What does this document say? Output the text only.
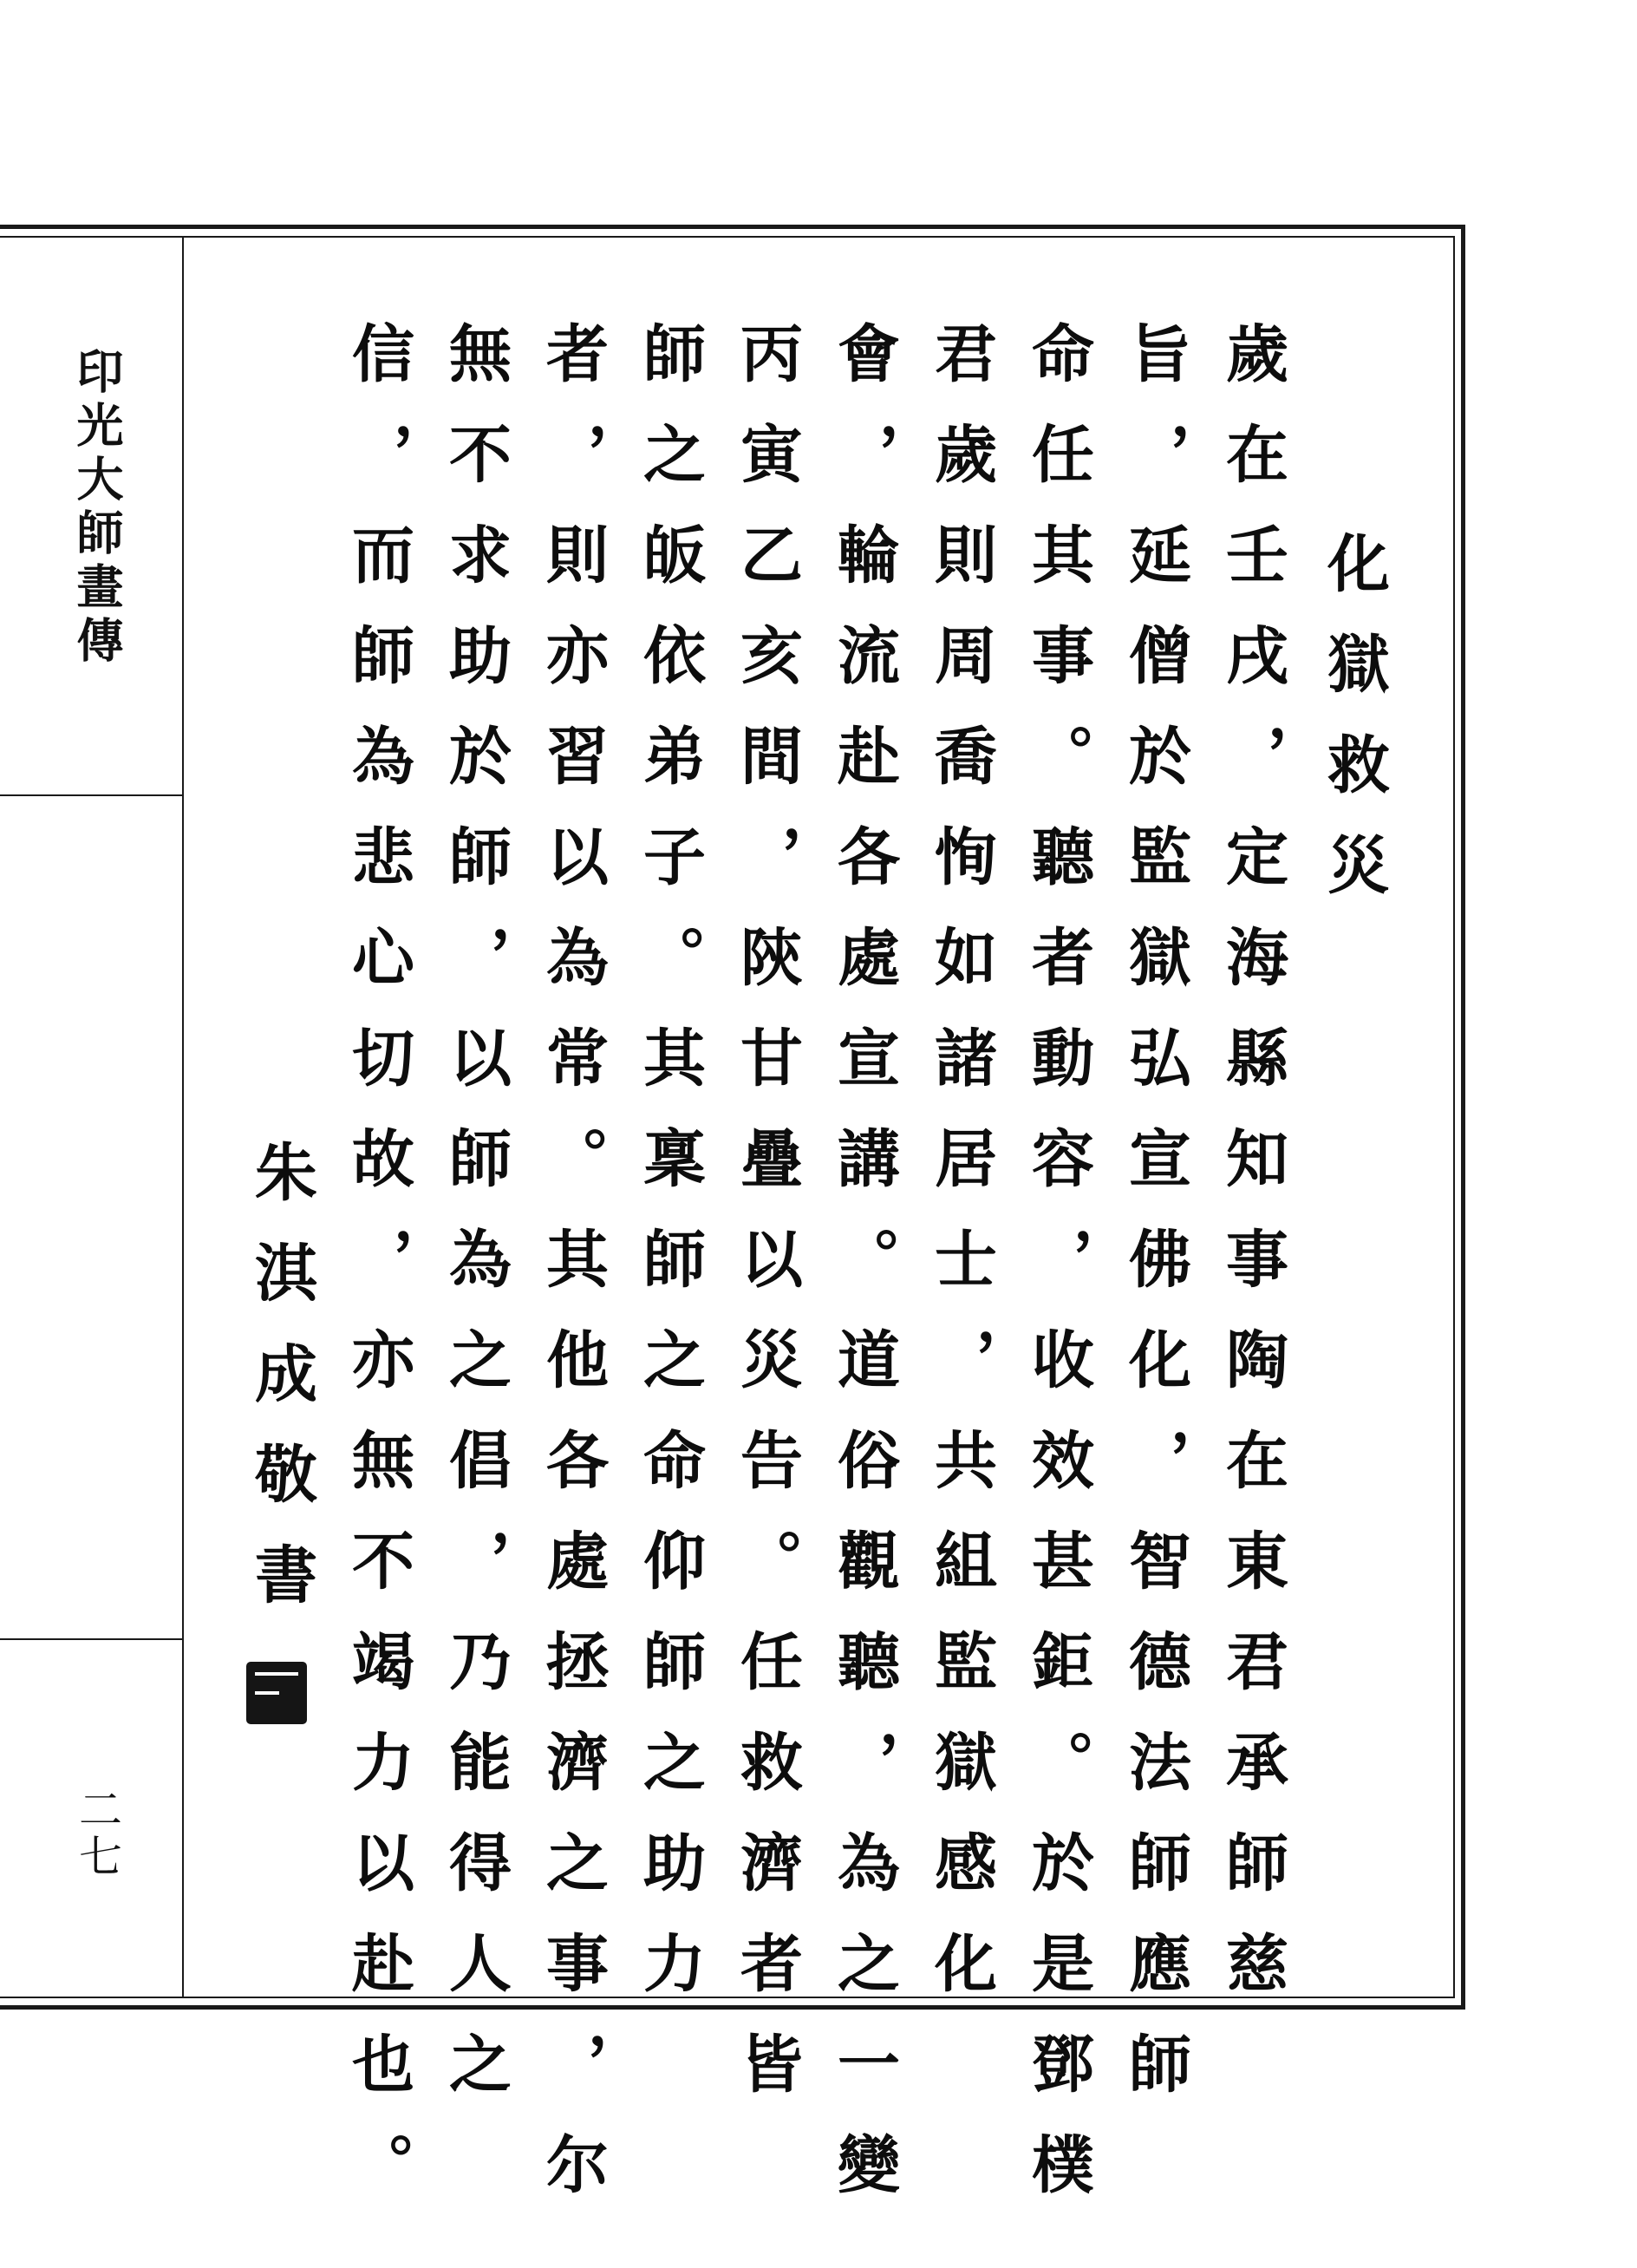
印光大師畫傳
二七
化獄救災
歲在壬戌，定海縣知事陶在東君承師慈
旨，延僧於監獄弘宣佛化，智德法師應師
命任其事。聽者動容，收效甚鉅。於是鄧樸
君歲則周喬恂如諸居士，共組監獄感化
會，輪流赴各處宣講。道俗觀聽，為之一變
丙寅乙亥間，陝甘疊以災告。任救濟者皆
師之皈依弟子。其稟師之命仰師之助力
者，則亦習以為常。其他各處拯濟之事，尔
無不求助於師，以師為之倡，乃能得人之
信，而師為悲心切故，亦無不竭力以赴也。
朱淇成敬書
